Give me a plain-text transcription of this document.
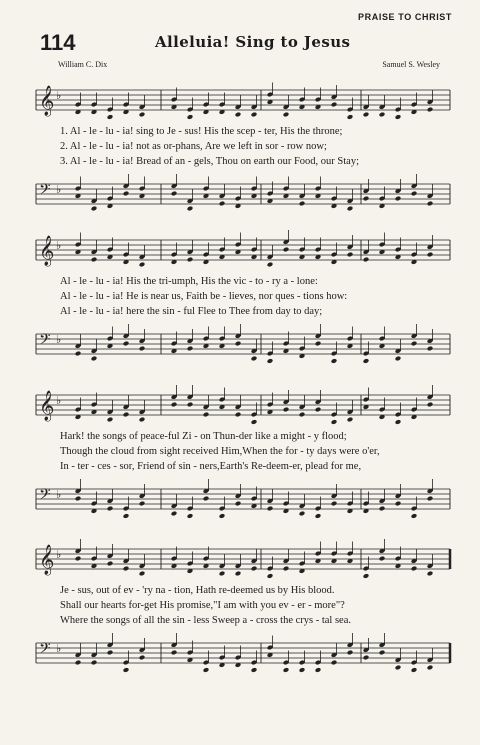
PRAISE TO CHRIST
114	Alleluia! Sing to Jesus
William C. Dix	Samuel S. Wesley
𝄞 ♭
1. Al - le - lu - ia! sing to Je - sus! His the scep - ter, His the throne;
2. Al - le - lu - ia! not as or-phans, Are we left in sor - row now;
3. Al - le - lu - ia! Bread of an - gels, Thou on earth our Food, our Stay;
𝄢 ♭
𝄞 ♭
Al - le - lu - ia! His the tri-umph, His the vic - to - ry a - lone:
Al - le - lu - ia! He is near us, Faith be - lieves, nor ques - tions how:
Al - le - lu - ia! here the sin - ful Flee to Thee from day to day;
𝄢 ♭
𝄞 ♭
Hark! the songs of peace-ful Zi - on Thun-der like a might - y flood;
Though the cloud from sight received Him,When the for - ty days were o'er,
In - ter - ces - sor, Friend of sin - ners,Earth's Re-deem-er, plead for me,
𝄢 ♭
𝄞 ♭
Je - sus, out of ev - 'ry na - tion, Hath re-deemed us by His blood.
Shall our hearts for-get His promise,"I am with you ev - er - more"?
Where the songs of all the sin - less Sweep a - cross the crys - tal sea.
𝄢 ♭
